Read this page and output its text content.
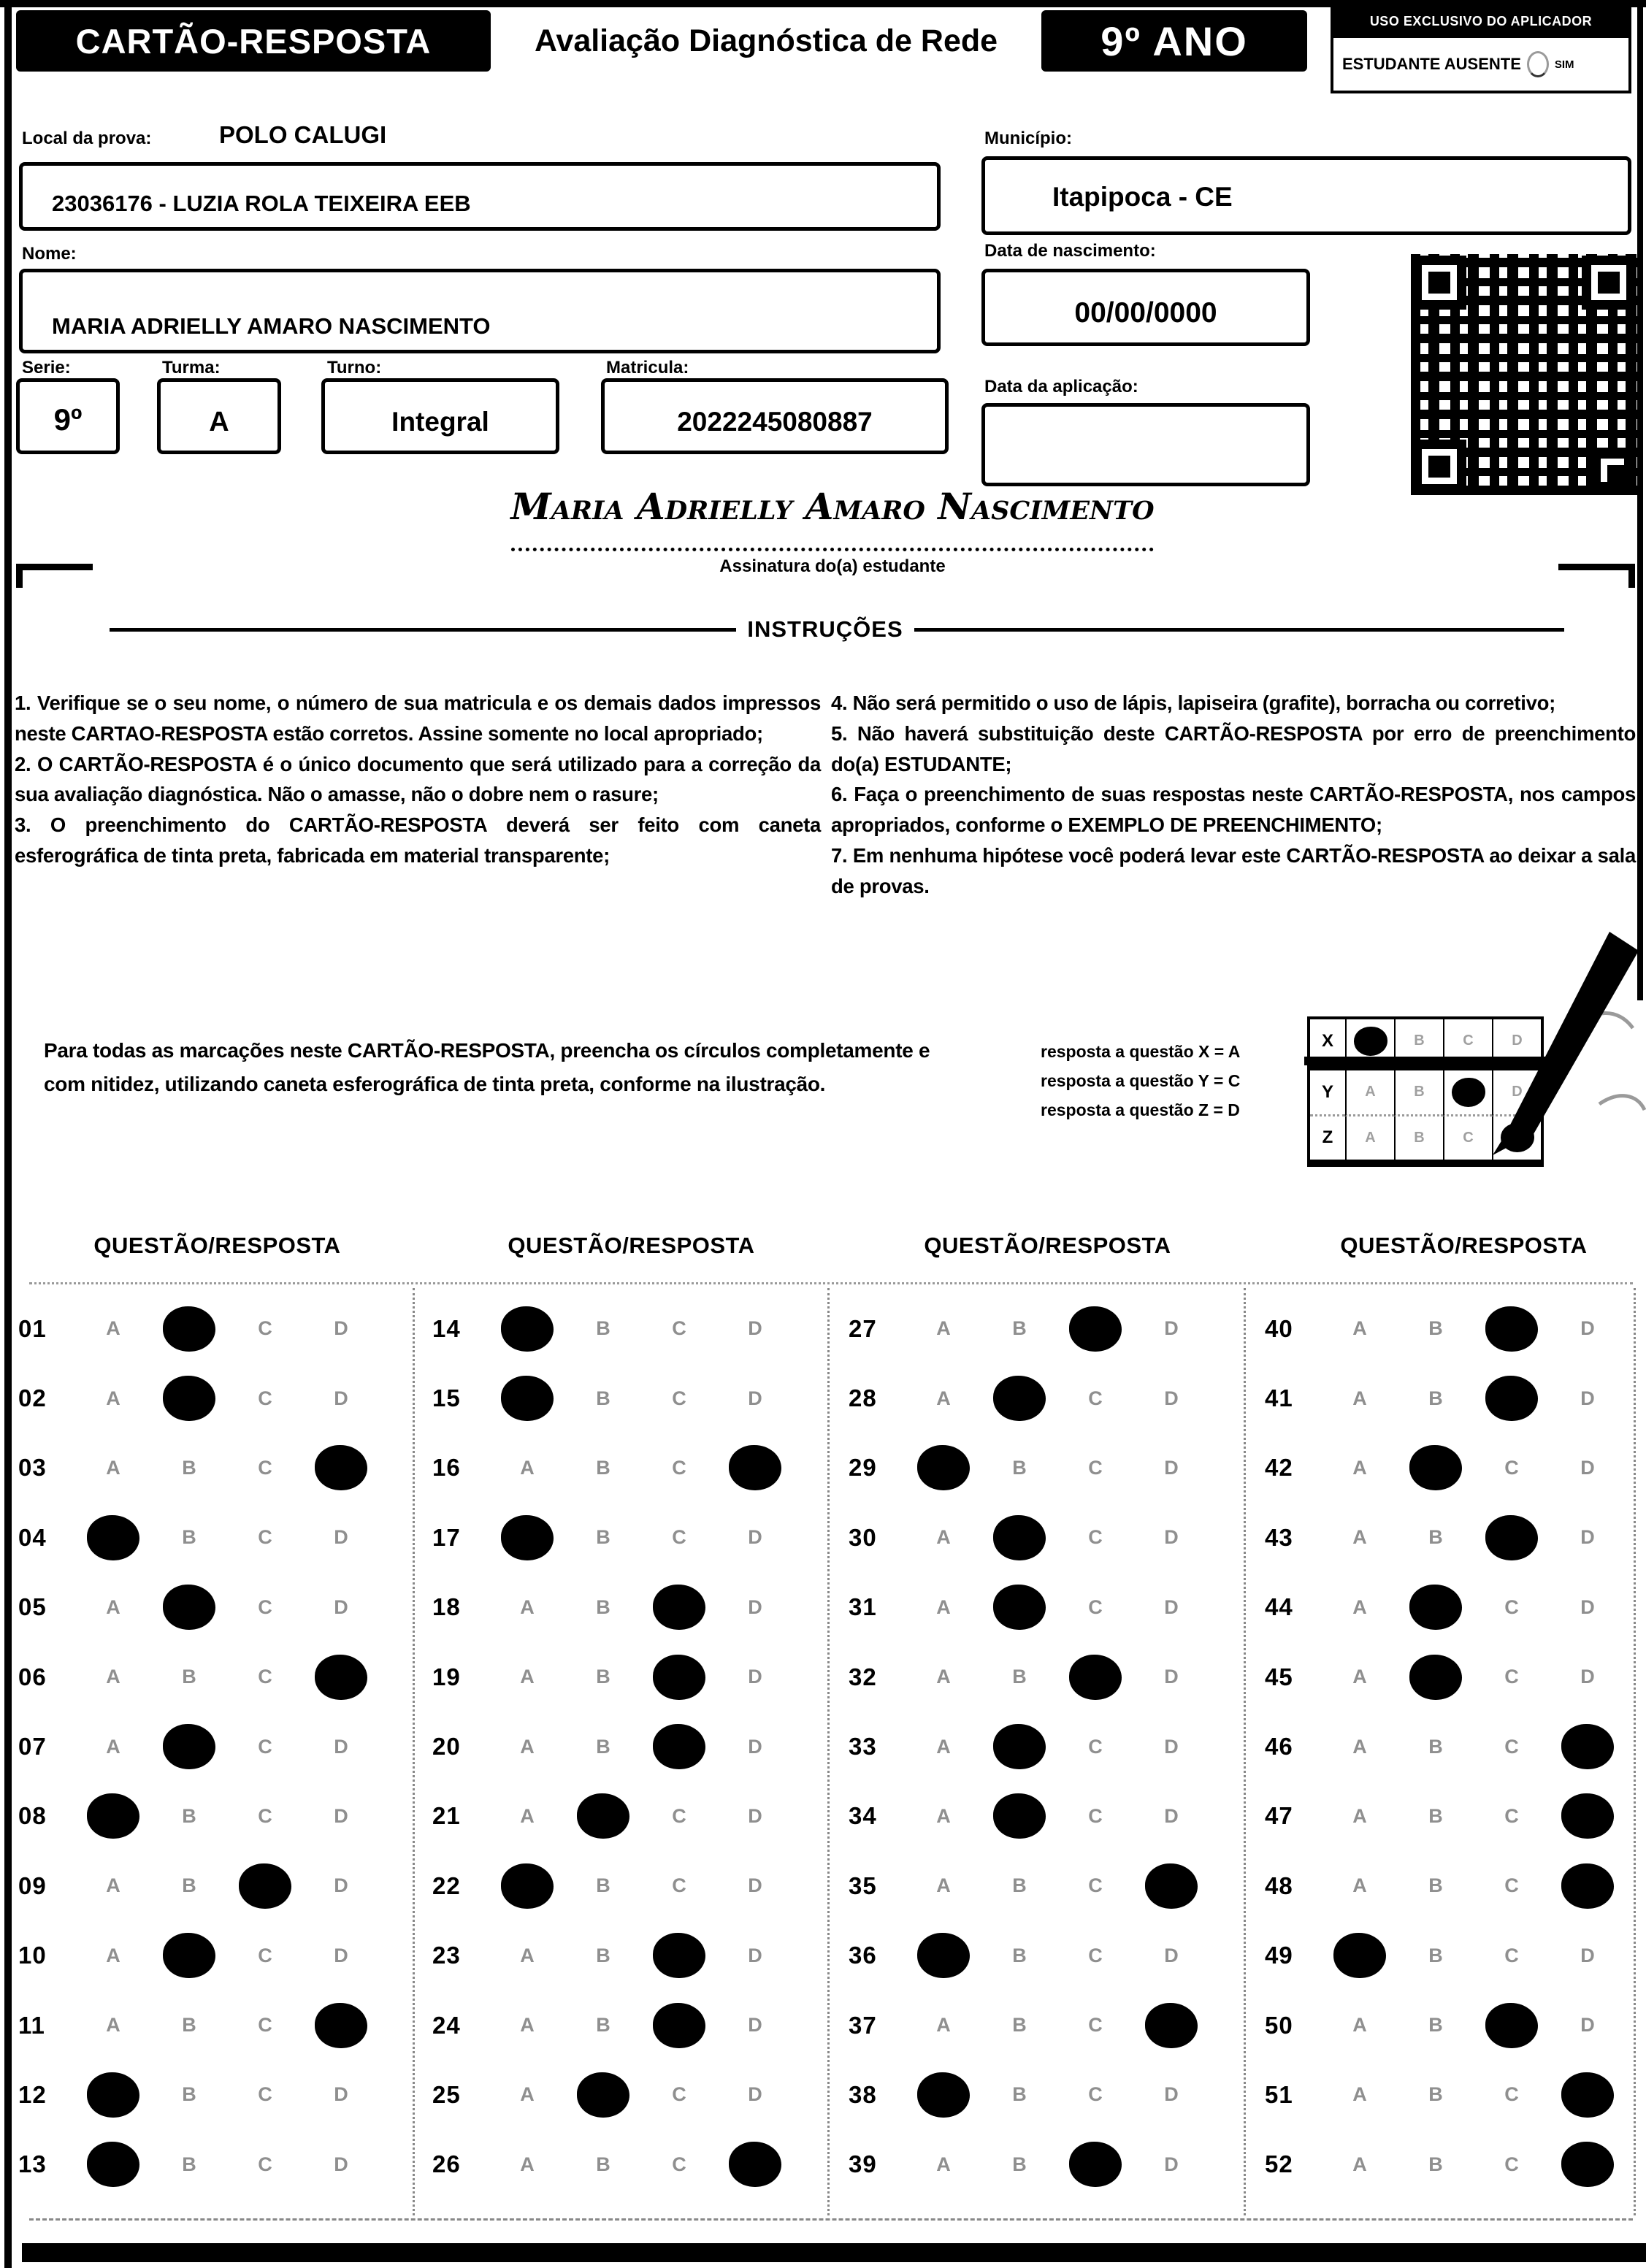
CARTÃO-RESPOSTA	Avaliação Diagnóstica de Rede	9º ANO	USO EXCLUSIVO DO APLICADOR
ESTUDANTE AUSENTE	SIM
Local da prova:	POLO CALUGI	Município:
23036176 - LUZIA ROLA TEIXEIRA EEB	Itapipoca - CE
Nome:	Data de nascimento:
MARIA ADRIELLY AMARO NASCIMENTO	00/00/0000
Serie:	Turma:	Turno:	Matricula:
Data da aplicação:
9º	A	Integral	2022245080887
Maria Adrielly Amaro Nascimento
Assinatura do(a) estudante
INSTRUÇÕES

1. Verifique se o seu nome, o número de sua matricula e os demais dados impressos neste CARTAO-RESPOSTA estão corretos. Assine somente no local apropriado;

2. O CARTÃO-RESPOSTA é o único documento que será utilizado para a correção da sua avaliação diagnóstica. Não o amasse, não o dobre nem o rasure;

3. O preenchimento do CARTÃO-RESPOSTA deverá ser feito com caneta esferográfica de tinta preta, fabricada em material transparente;

4. Não será permitido o uso de lápis, lapiseira (grafite), borracha ou corretivo;

5. Não haverá substituição deste CARTÃO-RESPOSTA por erro de preenchimento do(a) ESTUDANTE;

6. Faça o preenchimento de suas respostas neste CARTÃO-RESPOSTA, nos campos apropriados, conforme o EXEMPLO DE PREENCHIMENTO;

7. Em nenhuma hipótese você poderá levar este CARTÃO-RESPOSTA ao deixar a sala de provas.

Para todas as marcações neste CARTÃO-RESPOSTA, preencha os círculos completamente e com nitidez, utilizando caneta esferográfica de tinta preta, conforme na ilustração.

resposta a questão X = A

resposta a questão Y = C

resposta a questão Z = D

X	B	C	D
Y A	B	D
Z A	B	C
QUESTÃO/RESPOSTA	QUESTÃO/RESPOSTA	QUESTÃO/RESPOSTA	QUESTÃO/RESPOSTA
01	A	C	D
02	A	C	D
03	A	B	C
04	B	C	D
05	A	C	D
06	A	B	C
07	A	C	D
08	B	C	D
09	A	B	D
10	A	C	D
11	A	B	C
12	B	C	D
13	B	C	D
14	B	C	D
15	B	C	D
16	A	B	C
17	B	C	D
18	A	B	D
19	A	B	D
20	A	B	D
21	A	C	D
22	B	C	D
23	A	B	D
24	A	B	D
25	A	C	D
26	A	B	C
27	A	B	D
28	A	C	D
29	B	C	D
30	A	C	D
31	A	C	D
32	A	B	D
33	A	C	D
34	A	C	D
35	A	B	C
36	B	C	D
37	A	B	C
38	B	C	D
39	A	B	D
40	A	B	D
41	A	B	D
42	A	C	D
43	A	B	D
44	A	C	D
45	A	C	D
46	A	B	C
47	A	B	C
48	A	B	C
49	B	C	D
50	A	B	D
51	A	B	C
52	A	B	C
